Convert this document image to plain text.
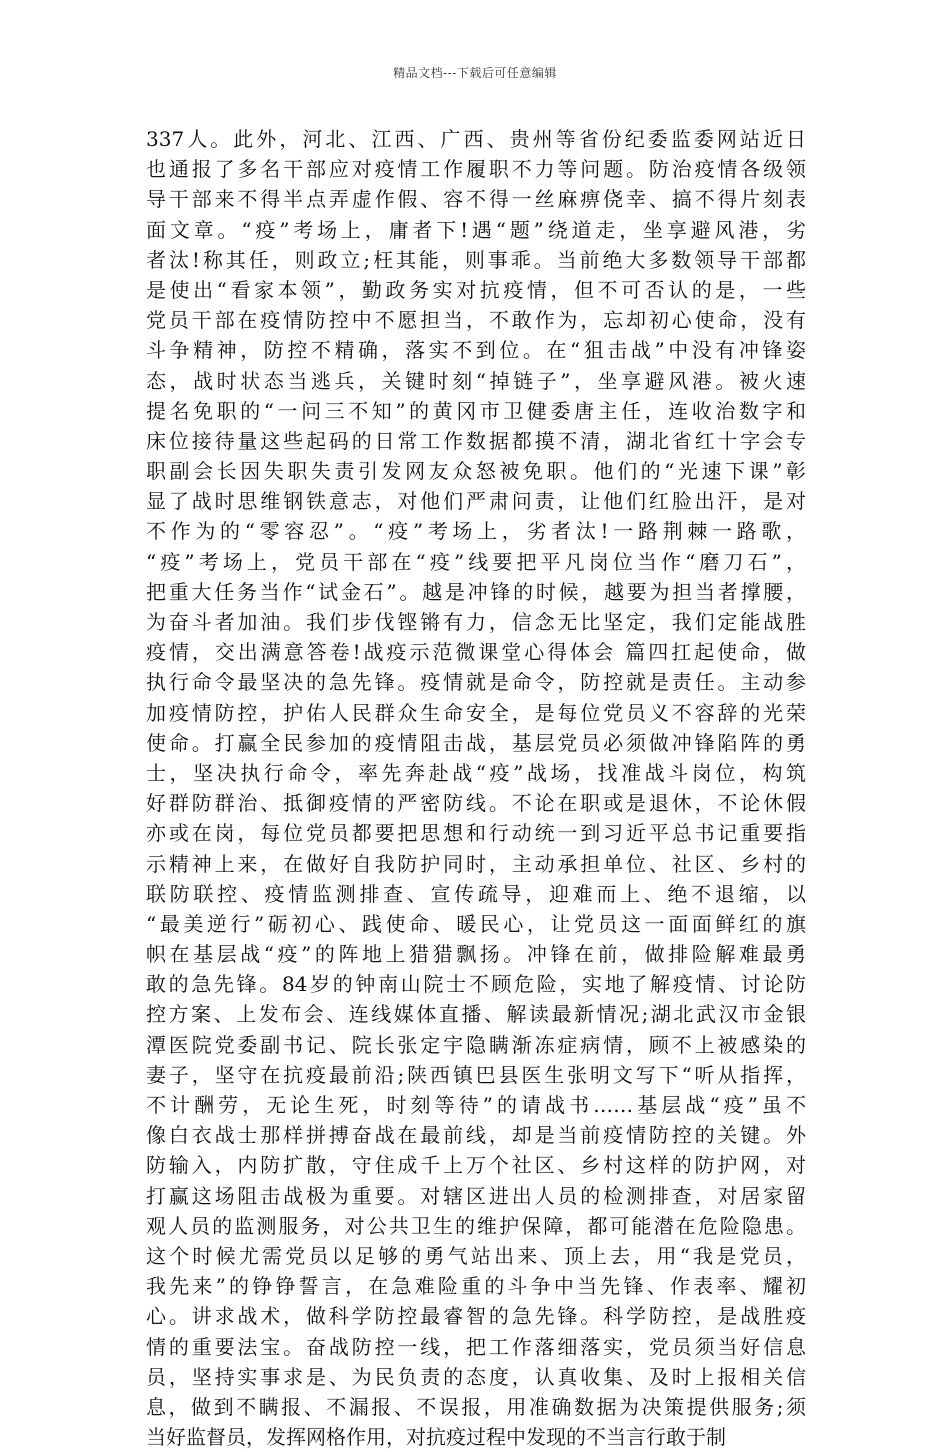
精品文档---下载后可任意编辑
337人。此外，河北、江西、广西、贵州等省份纪委监委网站近日
也通报了多名干部应对疫情工作履职不力等问题。防治疫情各级领
导干部来不得半点弄虚作假、容不得一丝麻痹侥幸、搞不得片刻表
面文章。“疫”考场上，庸者下!遇“题”绕道走，坐享避风港，劣
者汰!称其任，则政立;枉其能，则事乖。当前绝大多数领导干部都
是使出“看家本领”，勤政务实对抗疫情，但不可否认的是，一些
党员干部在疫情防控中不愿担当，不敢作为，忘却初心使命，没有
斗争精神，防控不精确，落实不到位。在“狙击战”中没有冲锋姿
态，战时状态当逃兵，关键时刻“掉链子”，坐享避风港。被火速
提名免职的“一问三不知”的黄冈市卫健委唐主任，连收治数字和
床位接待量这些起码的日常工作数据都摸不清，湖北省红十字会专
职副会长因失职失责引发网友众怒被免职。他们的“光速下课”彰
显了战时思维钢铁意志，对他们严肃问责，让他们红脸出汗，是对
不作为的“零容忍”。“疫”考场上，劣者汰!一路荆棘一路歌，
“疫”考场上，党员干部在“疫”线要把平凡岗位当作“磨刀石”，
把重大任务当作“试金石”。越是冲锋的时候，越要为担当者撑腰，
为奋斗者加油。我们步伐铿锵有力，信念无比坚定，我们定能战胜
疫情，交出满意答卷!战疫示范微课堂心得体会 篇四扛起使命，做
执行命令最坚决的急先锋。疫情就是命令，防控就是责任。主动参
加疫情防控，护佑人民群众生命安全，是每位党员义不容辞的光荣
使命。打赢全民参加的疫情阻击战，基层党员必须做冲锋陷阵的勇
士，坚决执行命令，率先奔赴战“疫”战场，找准战斗岗位，构筑
好群防群治、抵御疫情的严密防线。不论在职或是退休，不论休假
亦或在岗，每位党员都要把思想和行动统一到习近平总书记重要指
示精神上来，在做好自我防护同时，主动承担单位、社区、乡村的
联防联控、疫情监测排查、宣传疏导，迎难而上、绝不退缩，以
“最美逆行”砺初心、践使命、暖民心，让党员这一面面鲜红的旗
帜在基层战“疫”的阵地上猎猎飘扬。冲锋在前，做排险解难最勇
敢的急先锋。84岁的钟南山院士不顾危险，实地了解疫情、讨论防
控方案、上发布会、连线媒体直播、解读最新情况;湖北武汉市金银
潭医院党委副书记、院长张定宇隐瞒渐冻症病情，顾不上被感染的
妻子，坚守在抗疫最前沿;陕西镇巴县医生张明文写下“听从指挥，
不计酬劳，无论生死，时刻等待”的请战书……基层战“疫”虽不
像白衣战士那样拼搏奋战在最前线，却是当前疫情防控的关键。外
防输入，内防扩散，守住成千上万个社区、乡村这样的防护网，对
打赢这场阻击战极为重要。对辖区进出人员的检测排查，对居家留
观人员的监测服务，对公共卫生的维护保障，都可能潜在危险隐患。
这个时候尤需党员以足够的勇气站出来、顶上去，用“我是党员，
我先来”的铮铮誓言，在急难险重的斗争中当先锋、作表率、耀初
心。讲求战术，做科学防控最睿智的急先锋。科学防控，是战胜疫
情的重要法宝。奋战防控一线，把工作落细落实，党员须当好信息
员，坚持实事求是、为民负责的态度，认真收集、及时上报相关信
息，做到不瞒报、不漏报、不误报，用准确数据为决策提供服务;须
当好监督员，发挥网格作用，对抗疫过程中发现的不当言行敢于制
